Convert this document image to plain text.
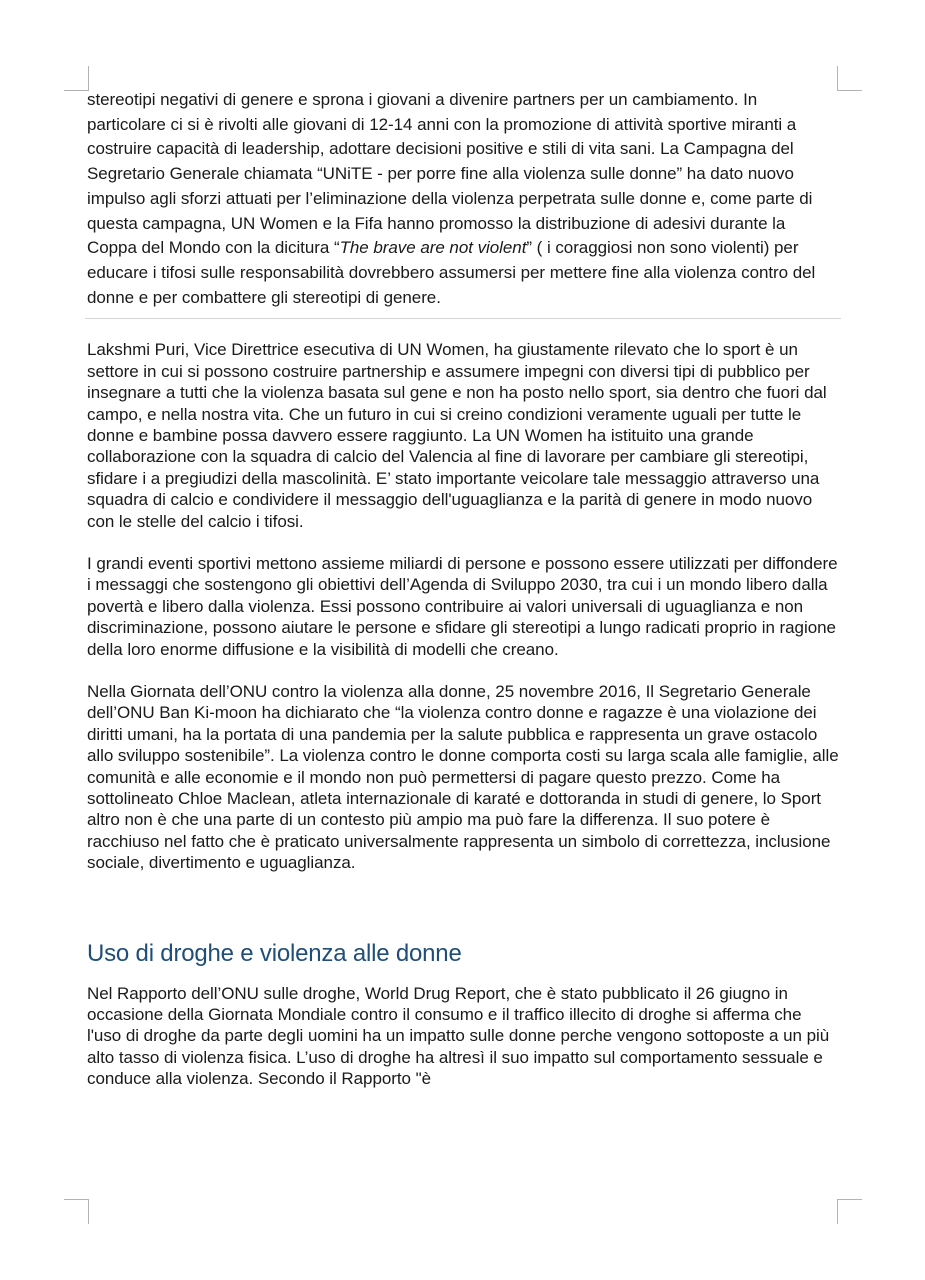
stereotipi negativi di genere e sprona i giovani a divenire partners per un cambiamento. In particolare ci si è rivolti alle giovani di 12-14 anni con la promozione di attività sportive miranti a costruire capacità di leadership, adottare decisioni positive e stili di vita sani. La Campagna del Segretario Generale chiamata “UNiTE - per porre fine alla violenza sulle donne” ha dato nuovo impulso agli sforzi attuati per l’eliminazione della violenza perpetrata sulle donne e, come parte di questa campagna, UN Women e la Fifa hanno promosso la distribuzione di adesivi durante la Coppa del Mondo con la dicitura “The brave are not violent” ( i coraggiosi non sono violenti) per educare i tifosi sulle responsabilità dovrebbero assumersi per mettere fine alla violenza contro del donne e per combattere gli stereotipi di genere.

Lakshmi Puri, Vice Direttrice esecutiva di UN Women, ha giustamente rilevato che lo sport è un settore in cui si possono costruire partnership e assumere impegni con diversi tipi di pubblico per insegnare a tutti che la violenza basata sul gene e non ha posto nello sport, sia dentro che fuori dal campo, e nella nostra vita. Che un futuro in cui si creino condizioni veramente uguali per tutte le donne e bambine possa davvero essere raggiunto. La UN Women ha istituito una grande collaborazione con la squadra di calcio del Valencia al fine di lavorare per cambiare gli stereotipi, sfidare i a pregiudizi della mascolinità. E’ stato importante veicolare tale messaggio attraverso una squadra di calcio e condividere il messaggio dell'uguaglianza e la parità di genere in modo nuovo con le stelle del calcio i tifosi.

I grandi eventi sportivi mettono assieme miliardi di persone e possono essere utilizzati per diffondere i messaggi che sostengono gli obiettivi dell’Agenda di Sviluppo 2030, tra cui i un mondo libero dalla povertà e libero dalla violenza. Essi possono contribuire ai valori universali di uguaglianza e non discriminazione, possono aiutare le persone e sfidare gli stereotipi a lungo radicati proprio in ragione della loro enorme diffusione e la visibilità di modelli che creano.

Nella Giornata dell’ONU contro la violenza alla donne, 25 novembre 2016, Il Segretario Generale dell’ONU Ban Ki-moon ha dichiarato che “la violenza contro donne e ragazze è una violazione dei diritti umani, ha la portata di una pandemia per la salute pubblica e rappresenta un grave ostacolo allo sviluppo sostenibile”. La violenza contro le donne comporta costi su larga scala alle famiglie, alle comunità e alle economie e il mondo non può permettersi di pagare questo prezzo. Come ha sottolineato Chloe Maclean, atleta internazionale di karaté e dottoranda in studi di genere, lo Sport altro non è che una parte di un contesto più ampio ma può fare la differenza. Il suo potere è racchiuso nel fatto che è praticato universalmente rappresenta un simbolo di correttezza, inclusione sociale, divertimento e uguaglianza.

Uso di droghe e violenza alle donne

Nel Rapporto dell’ONU sulle droghe, World Drug Report, che è stato pubblicato il 26 giugno in occasione della Giornata Mondiale contro il consumo e il traffico illecito di droghe si afferma che l'uso di droghe da parte degli uomini ha un impatto sulle donne perche vengono sottoposte a un più alto tasso di violenza fisica. L’uso di droghe ha altresì il suo impatto sul comportamento sessuale e conduce alla violenza. Secondo il Rapporto "è
